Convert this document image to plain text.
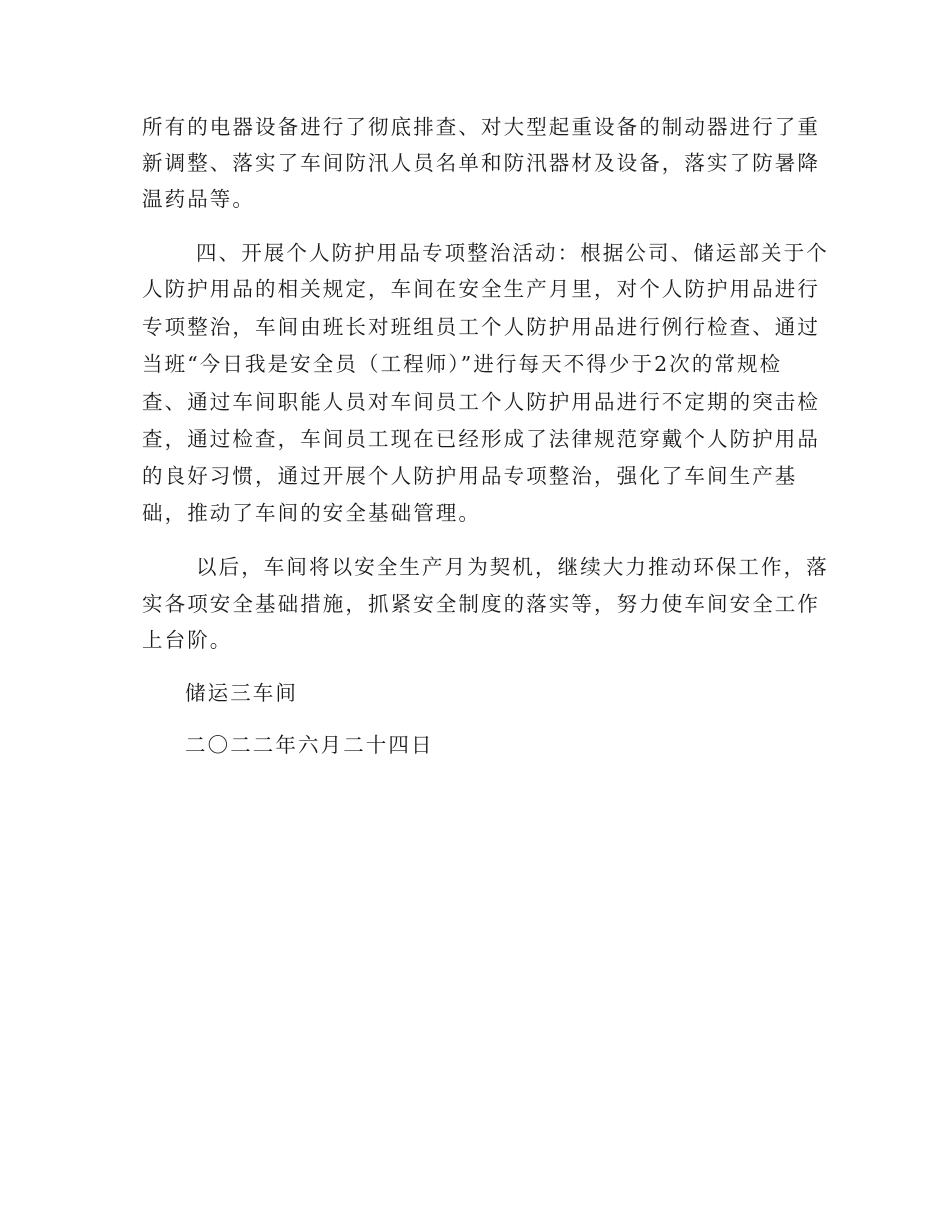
所有的电器设备进行了彻底排查、对大型起重设备的制动器进行了重
新调整、落实了车间防汛人员名单和防汛器材及设备，落实了防暑降
温药品等。
四、开展个人防护用品专项整治活动：根据公司、储运部关于个
人防护用品的相关规定，车间在安全生产月里，对个人防护用品进行
专项整治，车间由班长对班组员工个人防护用品进行例行检查、通过
当班“今日我是安全员（工程师）”进行每天不得少于2次的常规检
查、通过车间职能人员对车间员工个人防护用品进行不定期的突击检
查，通过检查，车间员工现在已经形成了法律规范穿戴个人防护用品
的良好习惯，通过开展个人防护用品专项整治，强化了车间生产基
础，推动了车间的安全基础管理。
以后，车间将以安全生产月为契机，继续大力推动环保工作，落
实各项安全基础措施，抓紧安全制度的落实等，努力使车间安全工作
上台阶。
储运三车间
二〇二二年六月二十四日
